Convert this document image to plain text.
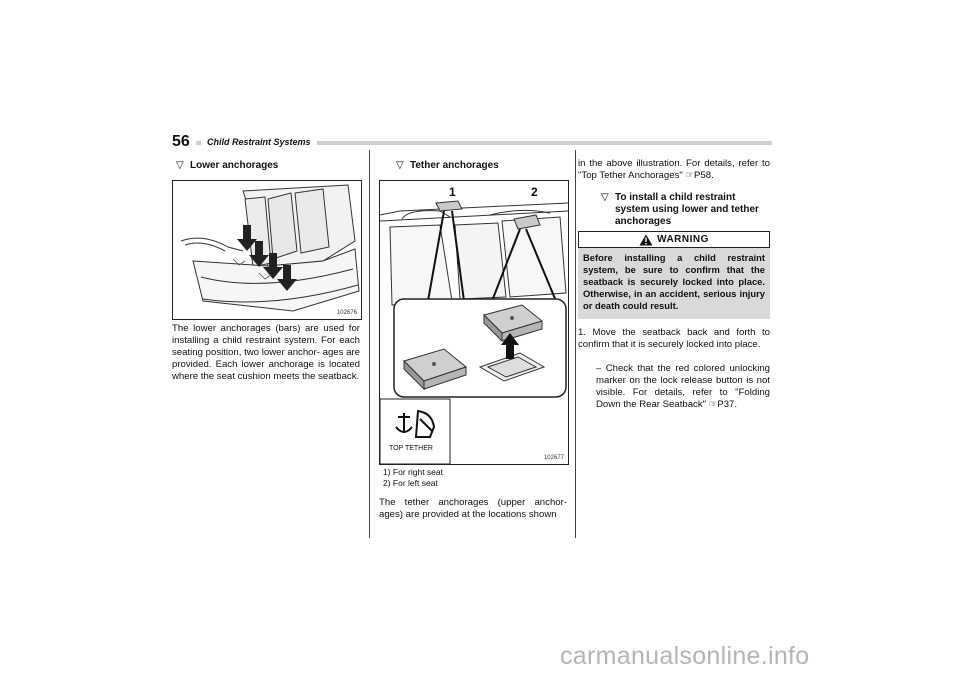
56	Child Restraint Systems
▽ Lower anchorages
102676
The lower anchorages (bars) are used for installing a child restraint system. For each seating position, two lower anchor- ages are provided. Each lower anchorage is located where the seat cushion meets the seatback.
▽ Tether anchorages
1	2
TOP TETHER
102677
1) For right seat
2) For left seat
The tether anchorages (upper anchor- ages) are provided at the locations shown
in the above illustration. For details, refer to "Top Tether Anchorages" ☞P58.
▽ To install a child restraint system using lower and tether anchorages
WARNING
Before installing a child restraint system, be sure to confirm that the seatback is securely locked into place. Otherwise, in an accident, serious injury or death could result.
1. Move the seatback back and forth to confirm that it is securely locked into place.
– Check that the red colored unlocking marker on the lock release button is not visible. For details, refer to "Folding Down the Rear Seatback" ☞P37.
carmanualsonline.info
